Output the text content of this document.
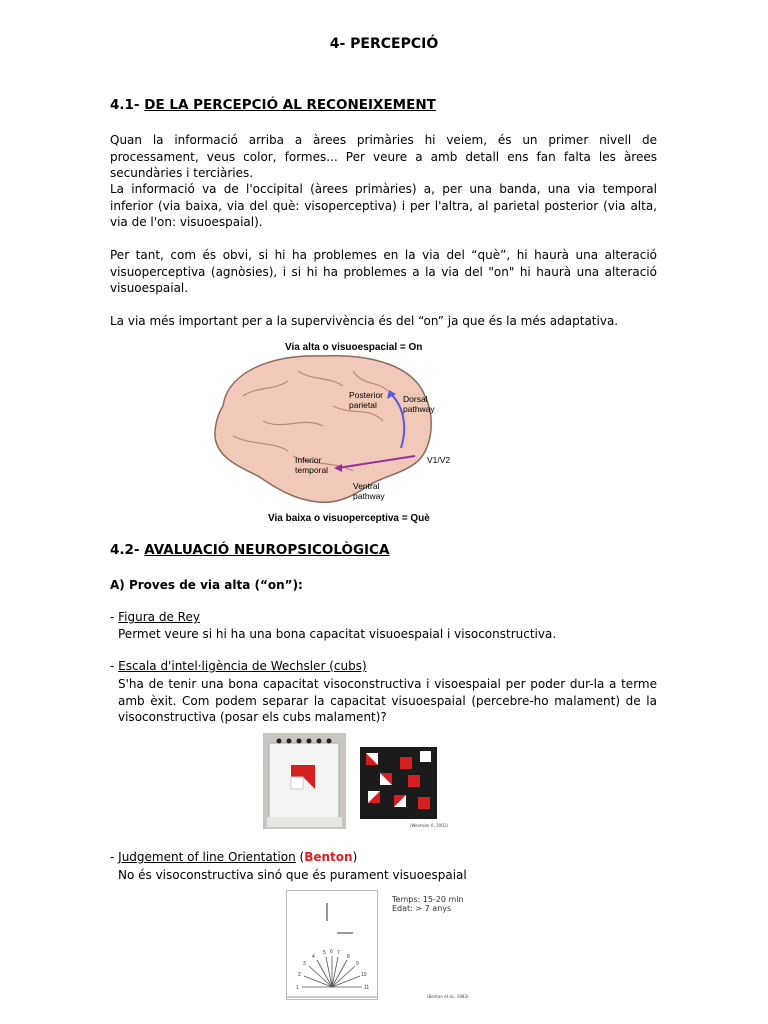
4- PERCEPCIÓ
4.1- DE LA PERCEPCIÓ AL RECONEIXEMENT
Quan la informació arriba a àrees primàries hi veiem, és un primer nivell de processament, veus color, formes... Per veure a amb detall ens fan falta les àrees secundàries i terciàries.
La informació va de l'occipital (àrees primàries) a, per una banda, una via temporal inferior (via baixa, via del què: visoperceptiva) i per l'altra, al parietal posterior (via alta, via de l'on: visuoespaial).
Per tant, com és obvi, si hi ha problemes en la via del “què”, hi haurà una alteració visuoperceptiva (agnòsies), i si hi ha problemes a la via del "on" hi haurà una alteració visuoespaial.
La via més important per a la supervivència és del “on” ja que és la més adaptativa.
Via alta o visuoespacial = On
Posterior
parietal
Dorsal
pathway
Inferior
temporal
V1/V2
Ventral
pathway
Via baixa o visuoperceptiva = Què
4.2- AVALUACIÓ NEUROPSICOLÒGICA
A) Proves de via alta (“on”):
- Figura de Rey
Permet veure si hi ha una bona capacitat visuoespaial i visoconstructiva.
- Escala d'intel·ligència de Wechsler (cubs)
S'ha de tenir una bona capacitat visoconstructiva i visoespaial per poder dur-la a terme amb èxit. Com podem separar la capacitat visuoespaial (percebre-ho malament) de la visoconstructiva (posar els cubs malament)?
(Wechsler 0, 2001)
- Judgement of line Orientation (Benton)
No és visoconstructiva sinó que és purament visuoespaial
1
2
3
4
5 6 7
8
9
10
11
Temps: 15-20 min
Edat: > 7 anys
(Benton et al., 1983)
